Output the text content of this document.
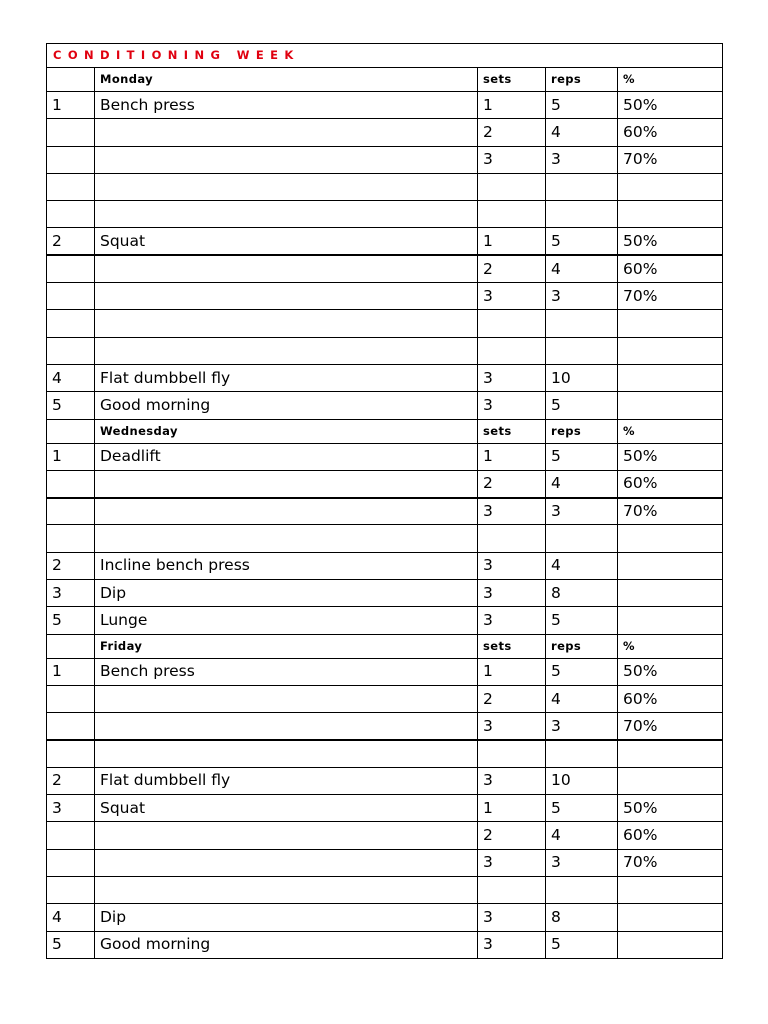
CONDITIONING WEEK				
	Monday	sets	reps	%
1	Bench press	1	5	50%
		2	4	60%
		3	3	70%

2	Squat	1	5	50%
		2	4	60%
		3	3	70%

4	Flat dumbbell fly	3	10	
5	Good morning	3	5	
	Wednesday	sets	reps	%
1	Deadlift	1	5	50%
		2	4	60%
		3	3	70%

2	Incline bench press	3	4	
3	Dip	3	8	
5	Lunge	3	5	
	Friday	sets	reps	%
1	Bench press	1	5	50%
		2	4	60%
		3	3	70%

2	Flat dumbbell fly	3	10	
3	Squat	1	5	50%
		2	4	60%
		3	3	70%

4	Dip	3	8	
5	Good morning	3	5	
